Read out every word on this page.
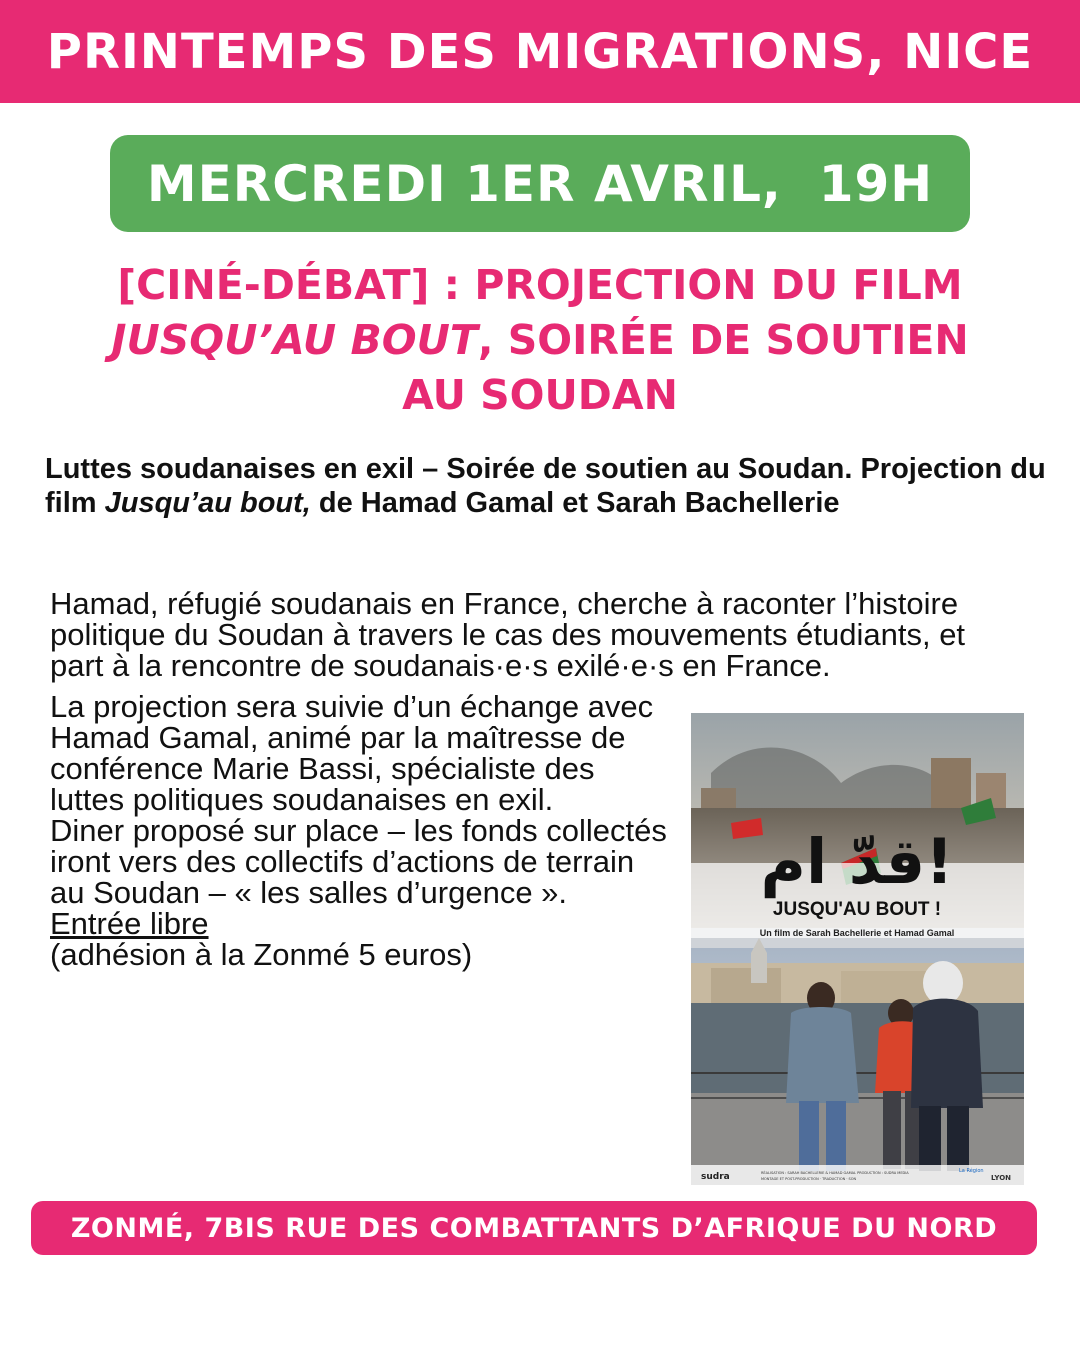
PRINTEMPS DES MIGRATIONS, NICE
MERCREDI 1ER AVRIL,  19H
[CINÉ-DÉBAT] : PROJECTION DU FILM
JUSQU’AU BOUT, SOIRÉE DE SOUTIEN
AU SOUDAN
Luttes soudanaises en exil – Soirée de soutien au Soudan. Projection du film Jusqu’au bout, de Hamad Gamal et Sarah Bachellerie

Hamad, réfugié soudanais en France, cherche à raconter l’histoire politique du Soudan à travers le cas des mouvements étudiants, et part à la rencontre de soudanais·e·s exilé·e·s en France.

La projection sera suivie d’un échange avec Hamad Gamal, animé par la maîtresse de conférence Marie Bassi, spécialiste des luttes politiques soudanaises en exil.
Diner proposé sur place – les fonds collectés iront vers des collectifs d’actions de terrain au Soudan – « les salles d’urgence ».
Entrée libre
(adhésion à la Zonmé 5 euros)
قدّ ام!
JUSQU'AU BOUT !
Un film de Sarah Bachellerie et Hamad Gamal
sudra	RÉALISATION : SARAH BACHELLERIE & HAMAD GAMAL PRODUCTION : SUDRA MEDIA
MONTAGE ET POST-PRODUCTION · TRADUCTION · SON
La Région
LYON
ZONMÉ, 7BIS RUE DES COMBATTANTS D’AFRIQUE DU NORD
